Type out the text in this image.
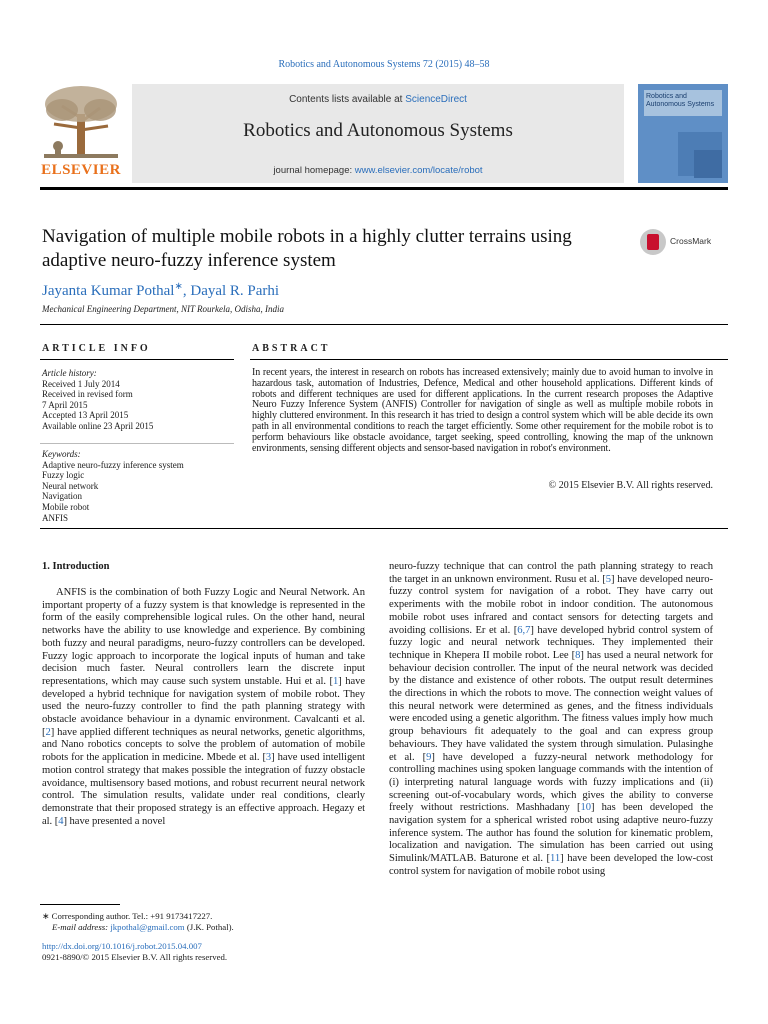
Robotics and Autonomous Systems 72 (2015) 48–58
ELSEVIER
Contents lists available at ScienceDirect
Robotics and Autonomous Systems
journal homepage: www.elsevier.com/locate/robot
Robotics and Autonomous Systems
Navigation of multiple mobile robots in a highly clutter terrains using adaptive neuro-fuzzy inference system
CrossMark
Jayanta Kumar Pothal∗, Dayal R. Parhi
Mechanical Engineering Department, NIT Rourkela, Odisha, India
ARTICLE INFO
Article history:
Received 1 July 2014
Received in revised form
7 April 2015
Accepted 13 April 2015
Available online 23 April 2015
Keywords:
Adaptive neuro-fuzzy inference system
Fuzzy logic
Neural network
Navigation
Mobile robot
ANFIS
ABSTRACT
In recent years, the interest in research on robots has increased extensively; mainly due to avoid human to involve in hazardous task, automation of Industries, Defence, Medical and other household applications. Different kinds of robots and different techniques are used for different applications. In the current research proposes the Adaptive Neuro Fuzzy Inference System (ANFIS) Controller for navigation of single as well as multiple mobile robots in highly cluttered environment. In this research it has tried to design a control system which will be able decide its own path in all environmental conditions to reach the target efficiently. Some other requirement for the mobile robot is to perform behaviours like obstacle avoidance, target seeking, speed controlling, knowing the map of the unknown environments, sensing different objects and sensor-based navigation in robot's environment.
© 2015 Elsevier B.V. All rights reserved.
1. Introduction

ANFIS is the combination of both Fuzzy Logic and Neural Network. An important property of a fuzzy system is that knowledge is represented in the form of the easily comprehensible logical rules. On the other hand, neural networks have the ability to use knowledge and experience. By combining both fuzzy and neural paradigms, neuro-fuzzy controllers can be developed. Fuzzy logic approach to incorporate the logical inputs of human and take decision much faster. Neural controllers learn the discrete input representations, which may cause such system unstable. Hui et al. [1] have developed a hybrid technique for navigation system of mobile robot. They used the neuro-fuzzy controller to find the path planning strategy with obstacle avoidance behaviour in a dynamic environment. Cavalcanti et al. [2] have applied different techniques as neural networks, genetic algorithms, and Nano robotics concepts to solve the problem of automation of mobile robots for the application in medicine. Mbede et al. [3] have used intelligent motion control strategy that makes possible the integration of fuzzy obstacle avoidance, multisensory based motions, and robust recurrent neural network control. The simulation results, validate under real conditions, clearly demonstrate that their proposed strategy is an effective approach. Hegazy et al. [4] have presented a novel

neuro-fuzzy technique that can control the path planning strategy to reach the target in an unknown environment. Rusu et al. [5] have developed neuro-fuzzy control system for navigation of a robot. They have carry out experiments with the mobile robot in indoor condition. The autonomous mobile robot uses infrared and contact sensors for detecting targets and avoiding collisions. Er et al. [6,7] have developed hybrid control system of fuzzy logic and neural network techniques. They implemented their technique in Khepera II mobile robot. Lee [8] has used a neural network for behaviour decision controller. The input of the neural network was decided by the distance and existence of other robots. The output result determines the directions in which the robots to move. The connection weight values of this neural network were determined as genes, and the fitness individuals were encoded using a genetic algorithm. The fitness values imply how much group behaviours fit adequately to the goal and can express group behaviours. They have validated the system through simulation. Pulasinghe et al. [9] have developed a fuzzy-neural network methodology for controlling machines using spoken language commands with the intention of (i) interpreting natural language words with fuzzy implications and (ii) screening out-of-vocabulary words, which gives the ability to converse freely without restrictions. Mashhadany [10] has been developed the navigation system for a spherical wristed robot using adaptive neuro-fuzzy inference system. The author has found the solution for kinematic problem, localization and navigation. The simulation has been carried out using Simulink/MATLAB. Baturone et al. [11] have been developed the low-cost control system for navigation of mobile robot using

∗ Corresponding author. Tel.: +91 9173417227.
E-mail address: jkpothal@gmail.com (J.K. Pothal).
http://dx.doi.org/10.1016/j.robot.2015.04.007
0921-8890/© 2015 Elsevier B.V. All rights reserved.
